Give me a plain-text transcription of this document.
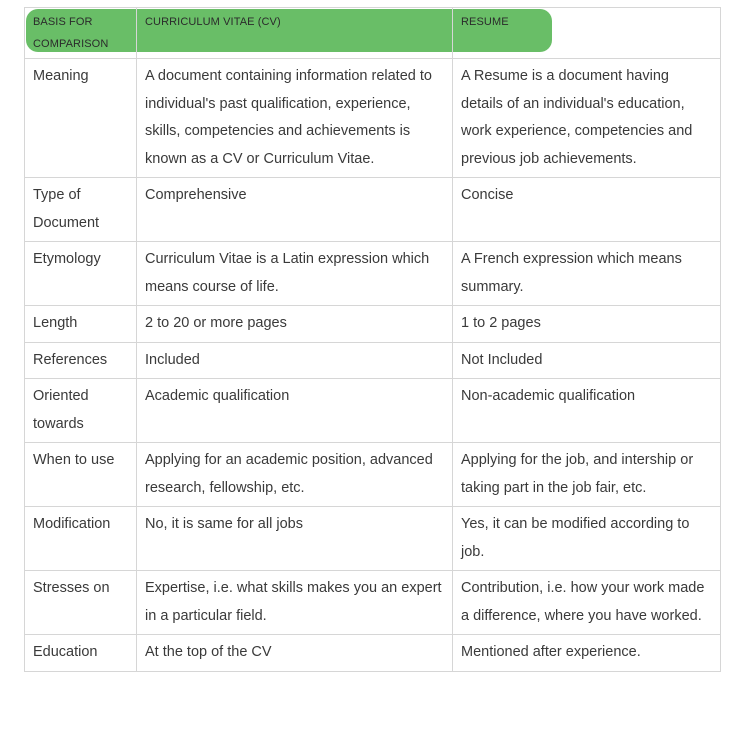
BASIS FOR COMPARISON	CURRICULUM VITAE (CV)	RESUME
Meaning	A document containing information related to individual's past qualification, experience, skills, competencies and achievements is known as a CV or Curriculum Vitae.	A Resume is a document having details of an individual's education, work experience, competencies and previous job achievements.
Type of Document	Comprehensive	Concise
Etymology	Curriculum Vitae is a Latin expression which means course of life.	A French expression which means summary.
Length	2 to 20 or more pages	1 to 2 pages
References	Included	Not Included
Oriented towards	Academic qualification	Non-academic qualification
When to use	Applying for an academic position, advanced research, fellowship, etc.	Applying for the job, and intership or taking part in the job fair, etc.
Modification	No, it is same for all jobs	Yes, it can be modified according to job.
Stresses on	Expertise, i.e. what skills makes you an expert in a particular field.	Contribution, i.e. how your work made a difference, where you have worked.
Education	At the top of the CV	Mentioned after experience.
